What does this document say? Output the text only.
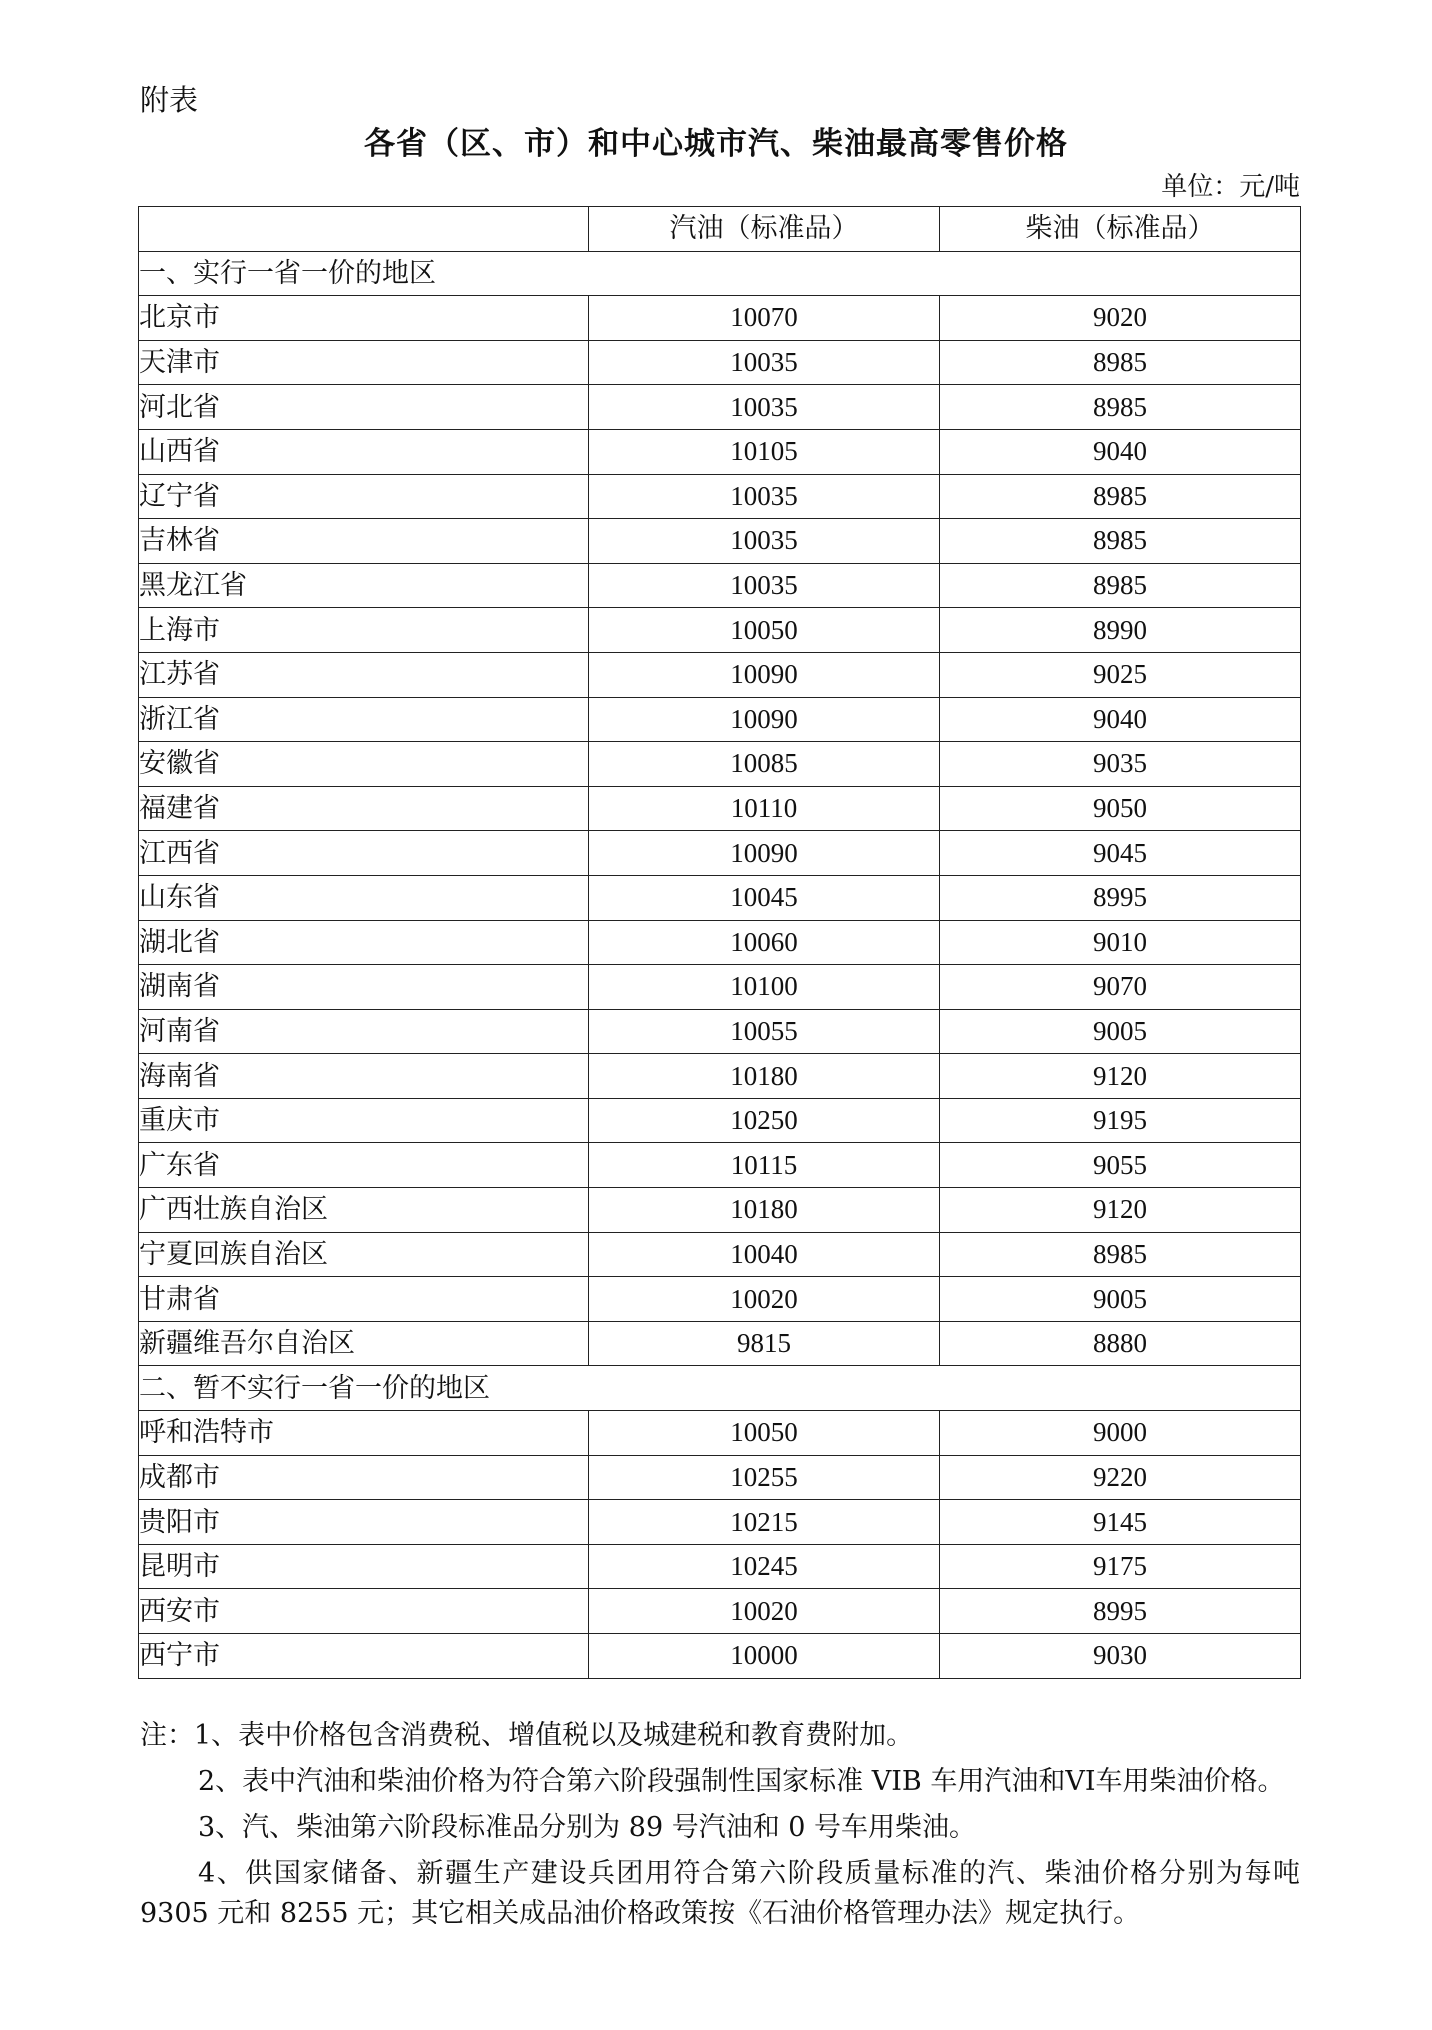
附表
各省（区、市）和中心城市汽、柴油最高零售价格
单位：元/吨
	汽油（标准品）	柴油（标准品）
一、实行一省一价的地区		
北京市	10070	9020
天津市	10035	8985
河北省	10035	8985
山西省	10105	9040
辽宁省	10035	8985
吉林省	10035	8985
黑龙江省	10035	8985
上海市	10050	8990
江苏省	10090	9025
浙江省	10090	9040
安徽省	10085	9035
福建省	10110	9050
江西省	10090	9045
山东省	10045	8995
湖北省	10060	9010
湖南省	10100	9070
河南省	10055	9005
海南省	10180	9120
重庆市	10250	9195
广东省	10115	9055
广西壮族自治区	10180	9120
宁夏回族自治区	10040	8985
甘肃省	10020	9005
新疆维吾尔自治区	9815	8880
二、暂不实行一省一价的地区		
呼和浩特市	10050	9000
成都市	10255	9220
贵阳市	10215	9145
昆明市	10245	9175
西安市	10020	8995
西宁市	10000	9030

注：1、表中价格包含消费税、增值税以及城建税和教育费附加。

2、表中汽油和柴油价格为符合第六阶段强制性国家标准 VIB 车用汽油和VI车用柴油价格。

3、汽、柴油第六阶段标准品分别为 89 号汽油和 0 号车用柴油。

4、供国家储备、新疆生产建设兵团用符合第六阶段质量标准的汽、柴油价格分别为每吨 9305 元和 8255 元；其它相关成品油价格政策按《石油价格管理办法》规定执行。
